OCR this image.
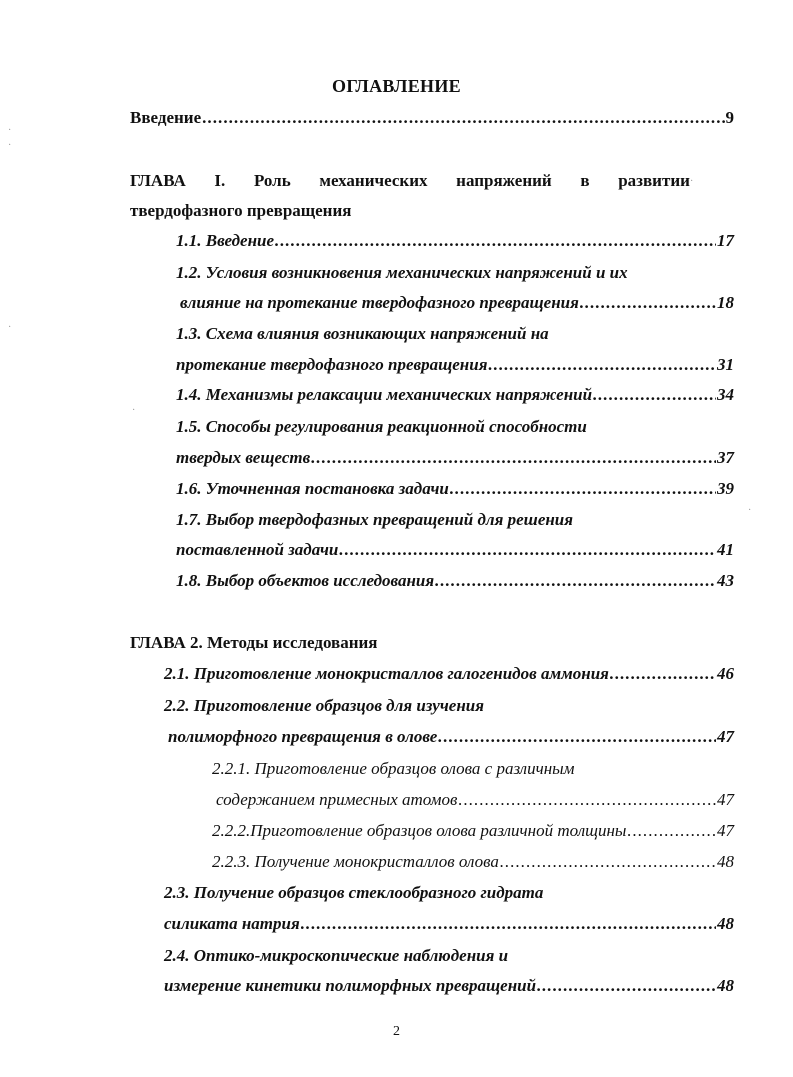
ОГЛАВЛЕНИЕ
Введение . . .	9
ГЛАВА I. Роль механических напряжений в развитии
твердофазного превращения
1.1. Введение . . .	17
1.2. Условия возникновения механических напряжений и их
влияние на протекание твердофазного превращения . . .	18
1.3. Схема влияния возникающих напряжений на
протекание твердофазного превращения . . .	31
1.4. Механизмы релаксации механических напряжений . . .	34
1.5. Способы регулирования реакционной способности
твердых веществ . . .	37
1.6. Уточненная постановка задачи . . .	39
1.7. Выбор твердофазных превращений для решения
поставленной задачи . . .	41
1.8. Выбор объектов исследования . . .	43
ГЛАВА 2. Методы исследования
2.1. Приготовление монокристаллов галогенидов аммония . . .	46
2.2. Приготовление образцов для изучения
полиморфного превращения в олове . . .	47
2.2.1. Приготовление образцов олова с различным
содержанием примесных атомов . . .	47
2.2.2.Приготовление образцов олова различной толщины . . .	47
2.2.3. Получение монокристаллов олова . . .	48
2.3. Получение образцов стеклообразного гидрата
силиката натрия . . .	48
2.4. Оптико-микроскопические наблюдения и
измерение кинетики полиморфных превращений . . .	48
2
·
·
·
·
·
·
